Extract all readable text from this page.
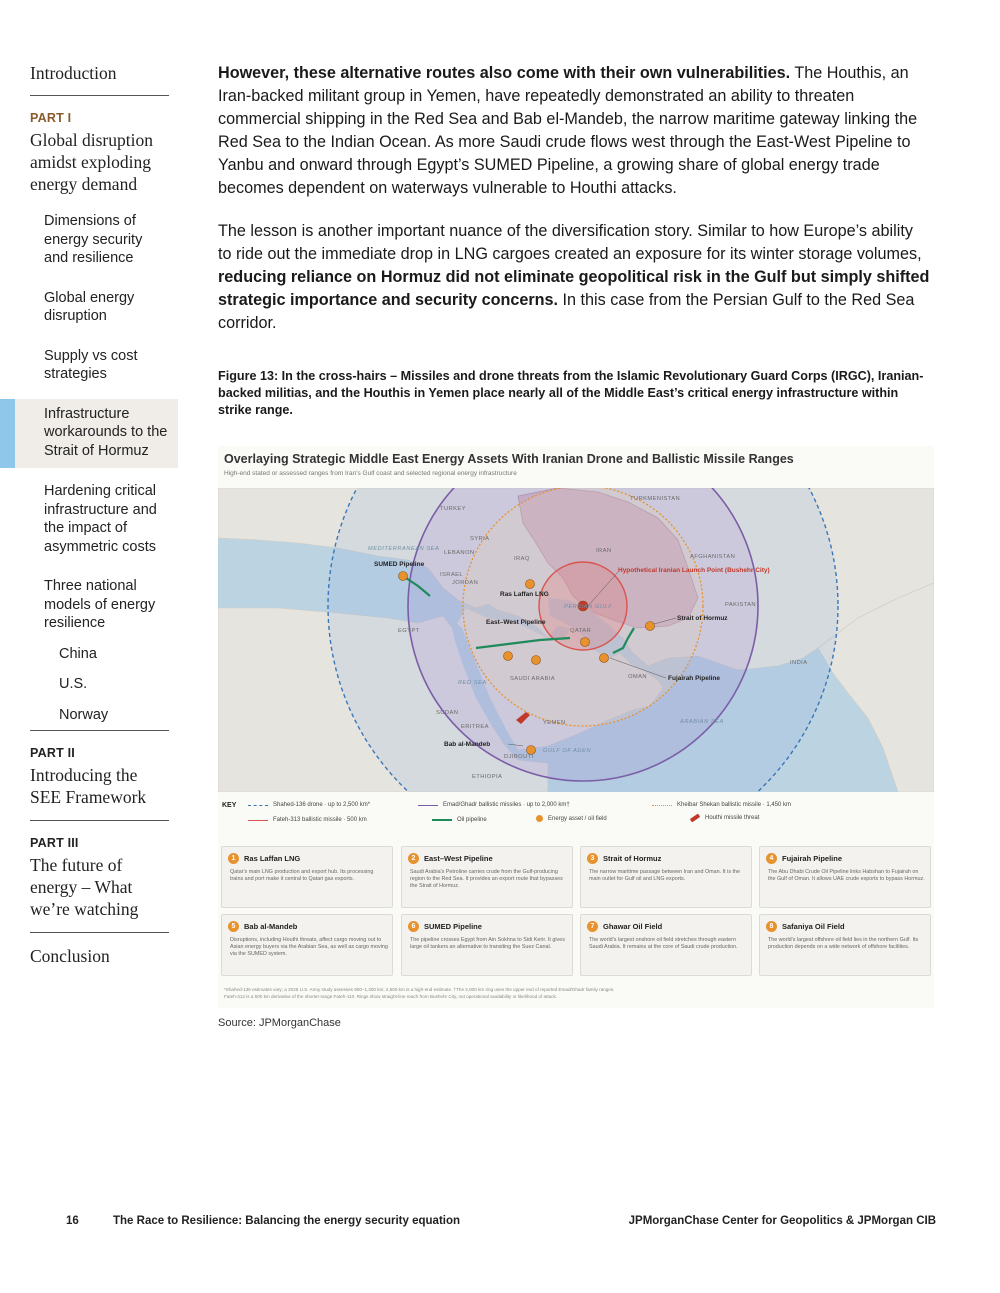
Introduction
PART I
Global disruption amidst exploding energy demand
Dimensions of energy security and resilience
Global energy disruption
Supply vs cost strategies
Infrastructure workarounds to the Strait of Hormuz
Hardening critical infrastructure and the impact of asymmetric costs
Three national models of energy resilience
China
U.S.
Norway
PART II
Introducing the SEE Framework
PART III
The future of energy – What we’re watching
Conclusion

However, these alternative routes also come with their own vulnerabilities. The Houthis, an Iran-backed militant group in Yemen, have repeatedly demonstrated an ability to threaten commercial shipping in the Red Sea and Bab el-Mandeb, the narrow maritime gateway linking the Red Sea to the Indian Ocean. As more Saudi crude flows west through the East-West Pipeline to Yanbu and onward through Egypt’s SUMED Pipeline, a growing share of global energy trade becomes dependent on waterways vulnerable to Houthi attacks.

The lesson is another important nuance of the diversification story. Similar to how Europe’s ability to ride out the immediate drop in LNG cargoes created an exposure for its winter storage volumes, reducing reliance on Hormuz did not eliminate geopolitical risk in the Gulf but simply shifted strategic importance and security concerns. In this case from the Persian Gulf to the Red Sea corridor.

Figure 13: In the cross-hairs – Missiles and drone threats from the Islamic Revolutionary Guard Corps (IRGC), Iranian-backed militias, and the Houthis in Yemen place nearly all of the Middle East’s critical energy infrastructure within strike range.
Overlaying Strategic Middle East Energy Assets With Iranian Drone and Ballistic Missile Ranges
High-end stated or assessed ranges from Iran's Gulf coast and selected regional energy infrastructure
TURKEY
TURKMENISTAN
MEDITERRANEAN SEA
LEBANON
SYRIA
ISRAEL
JORDAN
IRAQ
IRAN
AFGHANISTAN
PAKISTAN
EGYPT
PERSIAN GULF
QATAR
SAUDI ARABIA	OMAN
INDIA
RED SEA
SUDAN
ERITREA
YEMEN	ARABIAN SEA
GULF OF ADEN
DJIBOUTI
ETHIOPIA
SUMED Pipeline
Ras Laffan LNG
East–West Pipeline
Hypothetical Iranian Launch Point (Bushehr City)
Strait of Hormuz
Fujairah Pipeline
Bab al-Mandeb
KEY	Shahed-136 drone · up to 2,500 km*	Emad/Ghadr ballistic missiles · up to 2,000 km†	Kheibar Shekan ballistic missile · 1,450 km
Fateh-313 ballistic missile · 500 km	Oil pipeline	Energy asset / oil field	Houthi missile threat
1	Ras Laffan LNG
Qatar's main LNG production and export hub. Its processing trains and port make it central to Qatari gas exports.
2	East–West Pipeline
Saudi Arabia's Petroline carries crude from the Gulf-producing region to the Red Sea. It provides an export route that bypasses the Strait of Hormuz.
3	Strait of Hormuz
The narrow maritime passage between Iran and Oman. It is the main outlet for Gulf oil and LNG exports.
4	Fujairah Pipeline
The Abu Dhabi Crude Oil Pipeline links Habshan to Fujairah on the Gulf of Oman. It allows UAE crude exports to bypass Hormuz.
5	Bab al-Mandeb
Disruptions, including Houthi threats, affect cargo moving out to Asian energy buyers via the Arabian Sea, as well as cargo moving via the SUMED system.
6	SUMED Pipeline
The pipeline crosses Egypt from Ain Sokhna to Sidi Kerir. It gives large oil tankers an alternative to transiting the Suez Canal.
7	Ghawar Oil Field
The world's largest onshore oil field stretches through eastern Saudi Arabia. It remains at the core of Saudi crude production.
8	Safaniya Oil Field
The world's largest offshore oil field lies in the northern Gulf. Its production depends on a wide network of offshore facilities.
*Shahed-136 estimates vary; a 2025 U.S. Army study assesses 900–1,300 km; 2,500 km is a high-end estimate. †The 2,000 km ring uses the upper end of reported Emad/Ghadr family ranges.
Fateh-313 is a 500 km derivative of the shorter-range Fateh-110. Rings show straight-line reach from Bushehr City, not operational availability or likelihood of attack.
Source: JPMorganChase
16	The Race to Resilience: Balancing the energy security equation	JPMorganChase Center for Geopolitics & JPMorgan CIB
